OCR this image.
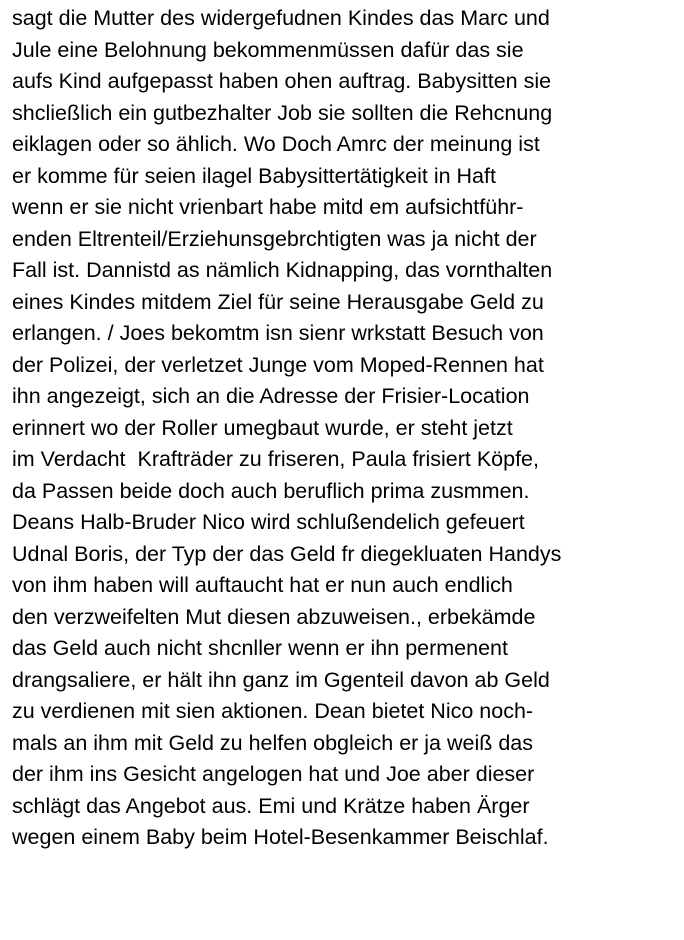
sagt die Mutter des widergefudnen Kindes das Marc und
Jule eine Belohnung bekommenmüssen dafür das sie
aufs Kind aufgepasst haben ohen auftrag. Babysitten sie
shcließlich ein gutbezhalter Job sie sollten die Rehcnung
eiklagen oder so ählich. Wo Doch Amrc der meinung ist
er komme für seien ilagel Babysittertätigkeit in Haft
wenn er sie nicht vrienbart habe mitd em aufsichtführ-
enden Eltrenteil/Erziehunsgebrchtigten was ja nicht der
Fall ist. Dannistd as nämlich Kidnapping, das vornthalten
eines Kindes mitdem Ziel für seine Herausgabe Geld zu
erlangen. / Joes bekomtm isn sienr wrkstatt Besuch von
der Polizei, der verletzet Junge vom Moped-Rennen hat
ihn angezeigt, sich an die Adresse der Frisier-Location
erinnert wo der Roller umegbaut wurde, er steht jetzt
im Verdacht  Krafträder zu friseren, Paula frisiert Köpfe,
da Passen beide doch auch beruflich prima zusmmen.
Deans Halb-Bruder Nico wird schlußendelich gefeuert
Udnal Boris, der Typ der das Geld fr diegekluaten Handys
von ihm haben will auftaucht hat er nun auch endlich
den verzweifelten Mut diesen abzuweisen., erbekämde
das Geld auch nicht shcnller wenn er ihn permenent
drangsaliere, er hält ihn ganz im Ggenteil davon ab Geld
zu verdienen mit sien aktionen. Dean bietet Nico noch-
mals an ihm mit Geld zu helfen obgleich er ja weiß das
der ihm ins Gesicht angelogen hat und Joe aber dieser
schlägt das Angebot aus. Emi und Krätze haben Ärger
wegen einem Baby beim Hotel-Besenkammer Beischlaf.
